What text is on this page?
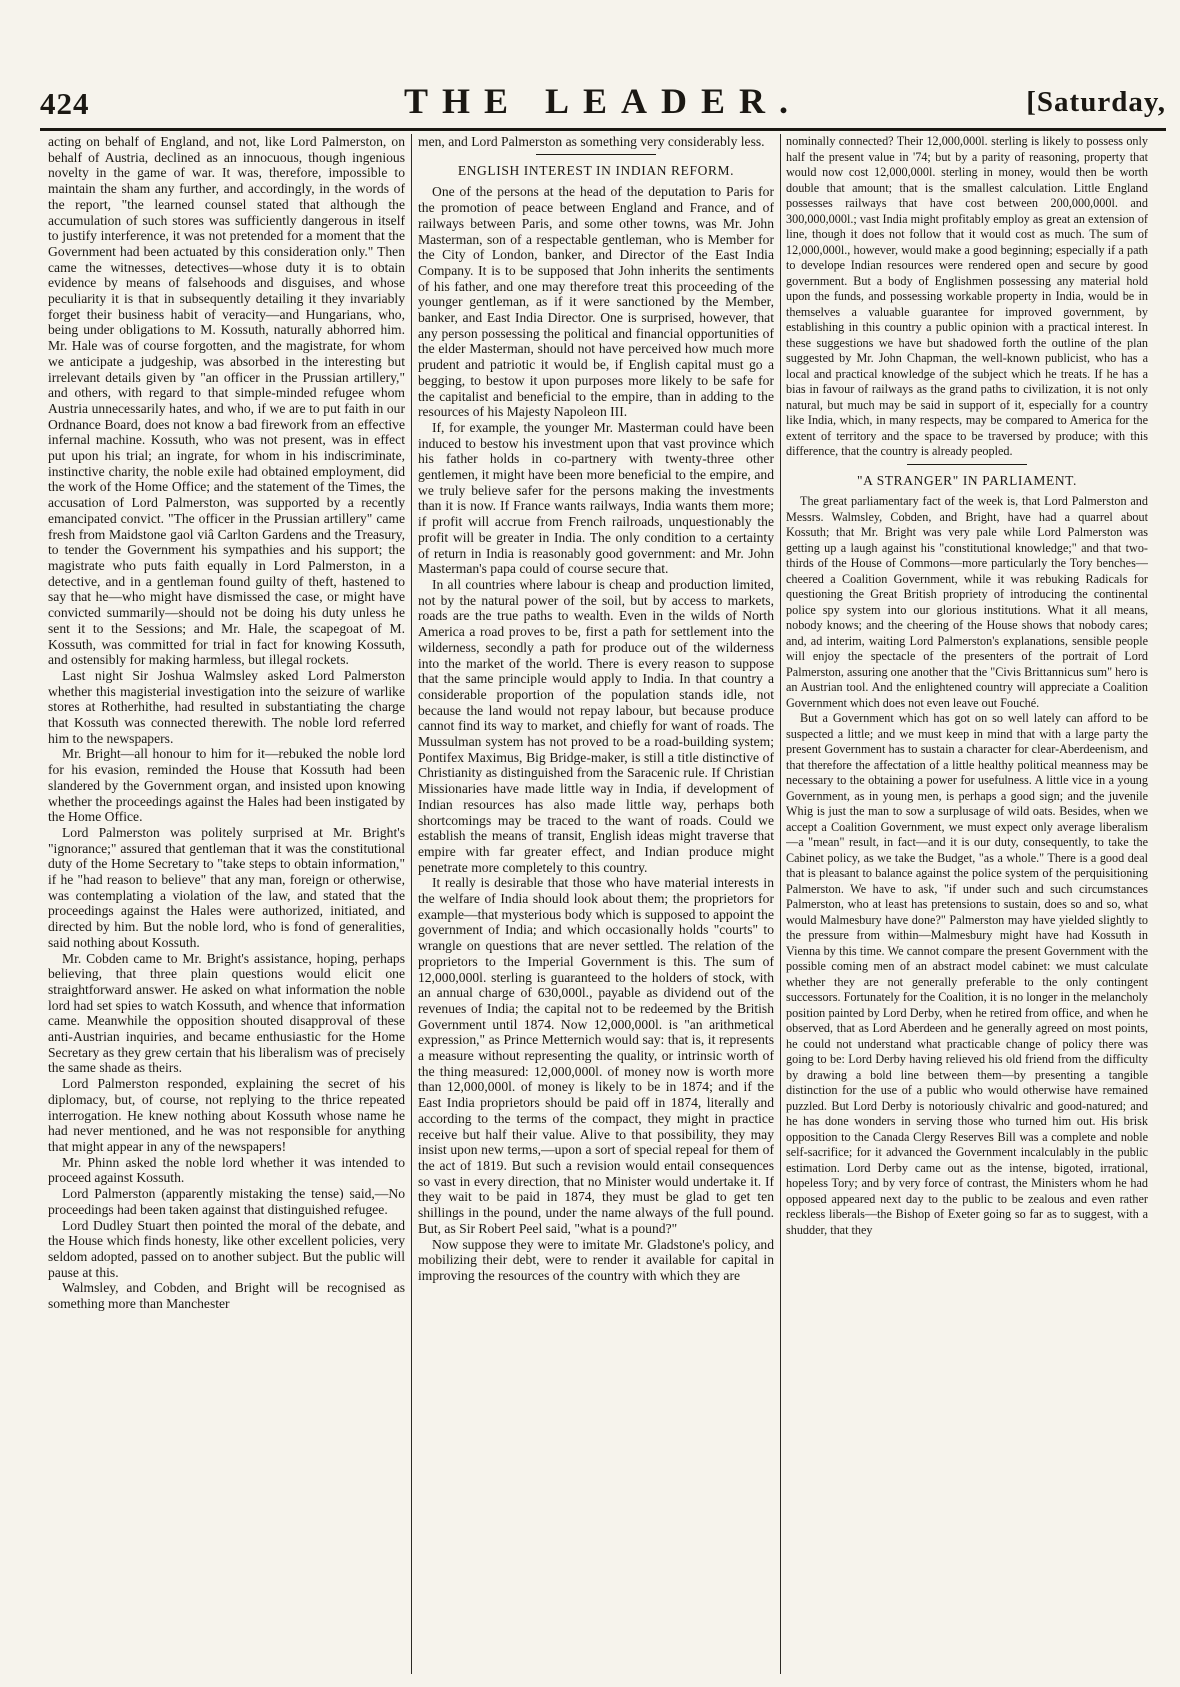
424	THE LEADER.	[Saturday,

acting on behalf of England, and not, like Lord Palmerston, on behalf of Austria, declined as an innocuous, though ingenious novelty in the game of war. It was, therefore, impossible to maintain the sham any further, and accordingly, in the words of the report, "the learned counsel stated that although the accumulation of such stores was sufficiently dangerous in itself to justify interference, it was not pretended for a moment that the Government had been actuated by this consideration only." Then came the witnesses, detectives—whose duty it is to obtain evidence by means of falsehoods and disguises, and whose peculiarity it is that in subsequently detailing it they invariably forget their business habit of veracity—and Hungarians, who, being under obligations to M. Kossuth, naturally abhorred him. Mr. Hale was of course forgotten, and the magistrate, for whom we anticipate a judgeship, was absorbed in the interesting but irrelevant details given by "an officer in the Prussian artillery," and others, with regard to that simple-minded refugee whom Austria unnecessarily hates, and who, if we are to put faith in our Ordnance Board, does not know a bad firework from an effective infernal machine. Kossuth, who was not present, was in effect put upon his trial; an ingrate, for whom in his indiscriminate, instinctive charity, the noble exile had obtained employment, did the work of the Home Office; and the statement of the Times, the accusation of Lord Palmerston, was supported by a recently emancipated convict. "The officer in the Prussian artillery" came fresh from Maidstone gaol viâ Carlton Gardens and the Treasury, to tender the Government his sympathies and his support; the magistrate who puts faith equally in Lord Palmerston, in a detective, and in a gentleman found guilty of theft, hastened to say that he—who might have dismissed the case, or might have convicted summarily—should not be doing his duty unless he sent it to the Sessions; and Mr. Hale, the scapegoat of M. Kossuth, was committed for trial in fact for knowing Kossuth, and ostensibly for making harmless, but illegal rockets.

Last night Sir Joshua Walmsley asked Lord Palmerston whether this magisterial investigation into the seizure of warlike stores at Rotherhithe, had resulted in substantiating the charge that Kossuth was connected therewith. The noble lord referred him to the newspapers.

Mr. Bright—all honour to him for it—rebuked the noble lord for his evasion, reminded the House that Kossuth had been slandered by the Government organ, and insisted upon knowing whether the proceedings against the Hales had been instigated by the Home Office.

Lord Palmerston was politely surprised at Mr. Bright's "ignorance;" assured that gentleman that it was the constitutional duty of the Home Secretary to "take steps to obtain information," if he "had reason to believe" that any man, foreign or otherwise, was contemplating a violation of the law, and stated that the proceedings against the Hales were authorized, initiated, and directed by him. But the noble lord, who is fond of generalities, said nothing about Kossuth.

Mr. Cobden came to Mr. Bright's assistance, hoping, perhaps believing, that three plain questions would elicit one straightforward answer. He asked on what information the noble lord had set spies to watch Kossuth, and whence that information came. Meanwhile the opposition shouted disapproval of these anti-Austrian inquiries, and became enthusiastic for the Home Secretary as they grew certain that his liberalism was of precisely the same shade as theirs.

Lord Palmerston responded, explaining the secret of his diplomacy, but, of course, not replying to the thrice repeated interrogation. He knew nothing about Kossuth whose name he had never mentioned, and he was not responsible for anything that might appear in any of the newspapers!

Mr. Phinn asked the noble lord whether it was intended to proceed against Kossuth.

Lord Palmerston (apparently mistaking the tense) said,—No proceedings had been taken against that distinguished refugee.

Lord Dudley Stuart then pointed the moral of the debate, and the House which finds honesty, like other excellent policies, very seldom adopted, passed on to another subject. But the public will pause at this.

Walmsley, and Cobden, and Bright will be recognised as something more than Manchester

men, and Lord Palmerston as something very considerably less.

ENGLISH INTEREST IN INDIAN REFORM.

One of the persons at the head of the deputation to Paris for the promotion of peace between England and France, and of railways between Paris, and some other towns, was Mr. John Masterman, son of a respectable gentleman, who is Member for the City of London, banker, and Director of the East India Company. It is to be supposed that John inherits the sentiments of his father, and one may therefore treat this proceeding of the younger gentleman, as if it were sanctioned by the Member, banker, and East India Director. One is surprised, however, that any person possessing the political and financial opportunities of the elder Masterman, should not have perceived how much more prudent and patriotic it would be, if English capital must go a begging, to bestow it upon purposes more likely to be safe for the capitalist and beneficial to the empire, than in adding to the resources of his Majesty Napoleon III.

If, for example, the younger Mr. Masterman could have been induced to bestow his investment upon that vast province which his father holds in co-partnery with twenty-three other gentlemen, it might have been more beneficial to the empire, and we truly believe safer for the persons making the investments than it is now. If France wants railways, India wants them more; if profit will accrue from French railroads, unquestionably the profit will be greater in India. The only condition to a certainty of return in India is reasonably good government: and Mr. John Masterman's papa could of course secure that.

In all countries where labour is cheap and production limited, not by the natural power of the soil, but by access to markets, roads are the true paths to wealth. Even in the wilds of North America a road proves to be, first a path for settlement into the wilderness, secondly a path for produce out of the wilderness into the market of the world. There is every reason to suppose that the same principle would apply to India. In that country a considerable proportion of the population stands idle, not because the land would not repay labour, but because produce cannot find its way to market, and chiefly for want of roads. The Mussulman system has not proved to be a road-building system; Pontifex Maximus, Big Bridge-maker, is still a title distinctive of Christianity as distinguished from the Saracenic rule. If Christian Missionaries have made little way in India, if development of Indian resources has also made little way, perhaps both shortcomings may be traced to the want of roads. Could we establish the means of transit, English ideas might traverse that empire with far greater effect, and Indian produce might penetrate more completely to this country.

It really is desirable that those who have material interests in the welfare of India should look about them; the proprietors for example—that mysterious body which is supposed to appoint the government of India; and which occasionally holds "courts" to wrangle on questions that are never settled. The relation of the proprietors to the Imperial Government is this. The sum of 12,000,000l. sterling is guaranteed to the holders of stock, with an annual charge of 630,000l., payable as dividend out of the revenues of India; the capital not to be redeemed by the British Government until 1874. Now 12,000,000l. is "an arithmetical expression," as Prince Metternich would say: that is, it represents a measure without representing the quality, or intrinsic worth of the thing measured: 12,000,000l. of money now is worth more than 12,000,000l. of money is likely to be in 1874; and if the East India proprietors should be paid off in 1874, literally and according to the terms of the compact, they might in practice receive but half their value. Alive to that possibility, they may insist upon new terms,—upon a sort of special repeal for them of the act of 1819. But such a revision would entail consequences so vast in every direction, that no Minister would undertake it. If they wait to be paid in 1874, they must be glad to get ten shillings in the pound, under the name always of the full pound. But, as Sir Robert Peel said, "what is a pound?"

Now suppose they were to imitate Mr. Gladstone's policy, and mobilizing their debt, were to render it available for capital in improving the resources of the country with which they are

nominally connected? Their 12,000,000l. sterling is likely to possess only half the present value in '74; but by a parity of reasoning, property that would now cost 12,000,000l. sterling in money, would then be worth double that amount; that is the smallest calculation. Little England possesses railways that have cost between 200,000,000l. and 300,000,000l.; vast India might profitably employ as great an extension of line, though it does not follow that it would cost as much. The sum of 12,000,000l., however, would make a good beginning; especially if a path to develope Indian resources were rendered open and secure by good government. But a body of Englishmen possessing any material hold upon the funds, and possessing workable property in India, would be in themselves a valuable guarantee for improved government, by establishing in this country a public opinion with a practical interest. In these suggestions we have but shadowed forth the outline of the plan suggested by Mr. John Chapman, the well-known publicist, who has a local and practical knowledge of the subject which he treats. If he has a bias in favour of railways as the grand paths to civilization, it is not only natural, but much may be said in support of it, especially for a country like India, which, in many respects, may be compared to America for the extent of territory and the space to be traversed by produce; with this difference, that the country is already peopled.

"A STRANGER" IN PARLIAMENT.

The great parliamentary fact of the week is, that Lord Palmerston and Messrs. Walmsley, Cobden, and Bright, have had a quarrel about Kossuth; that Mr. Bright was very pale while Lord Palmerston was getting up a laugh against his "constitutional knowledge;" and that two-thirds of the House of Commons—more particularly the Tory benches—cheered a Coalition Government, while it was rebuking Radicals for questioning the Great British propriety of introducing the continental police spy system into our glorious institutions. What it all means, nobody knows; and the cheering of the House shows that nobody cares; and, ad interim, waiting Lord Palmerston's explanations, sensible people will enjoy the spectacle of the presenters of the portrait of Lord Palmerston, assuring one another that the "Civis Brittannicus sum" hero is an Austrian tool. And the enlightened country will appreciate a Coalition Government which does not even leave out Fouché.

But a Government which has got on so well lately can afford to be suspected a little; and we must keep in mind that with a large party the present Government has to sustain a character for clear-Aberdeenism, and that therefore the affectation of a little healthy political meanness may be necessary to the obtaining a power for usefulness. A little vice in a young Government, as in young men, is perhaps a good sign; and the juvenile Whig is just the man to sow a surplusage of wild oats. Besides, when we accept a Coalition Government, we must expect only average liberalism—a "mean" result, in fact—and it is our duty, consequently, to take the Cabinet policy, as we take the Budget, "as a whole." There is a good deal that is pleasant to balance against the police system of the perquisitioning Palmerston. We have to ask, "if under such and such circumstances Palmerston, who at least has pretensions to sustain, does so and so, what would Malmesbury have done?" Palmerston may have yielded slightly to the pressure from within—Malmesbury might have had Kossuth in Vienna by this time. We cannot compare the present Government with the possible coming men of an abstract model cabinet: we must calculate whether they are not generally preferable to the only contingent successors. Fortunately for the Coalition, it is no longer in the melancholy position painted by Lord Derby, when he retired from office, and when he observed, that as Lord Aberdeen and he generally agreed on most points, he could not understand what practicable change of policy there was going to be: Lord Derby having relieved his old friend from the difficulty by drawing a bold line between them—by presenting a tangible distinction for the use of a public who would otherwise have remained puzzled. But Lord Derby is notoriously chivalric and good-natured; and he has done wonders in serving those who turned him out. His brisk opposition to the Canada Clergy Reserves Bill was a complete and noble self-sacrifice; for it advanced the Government incalculably in the public estimation. Lord Derby came out as the intense, bigoted, irrational, hopeless Tory; and by very force of contrast, the Ministers whom he had opposed appeared next day to the public to be zealous and even rather reckless liberals—the Bishop of Exeter going so far as to suggest, with a shudder, that they
